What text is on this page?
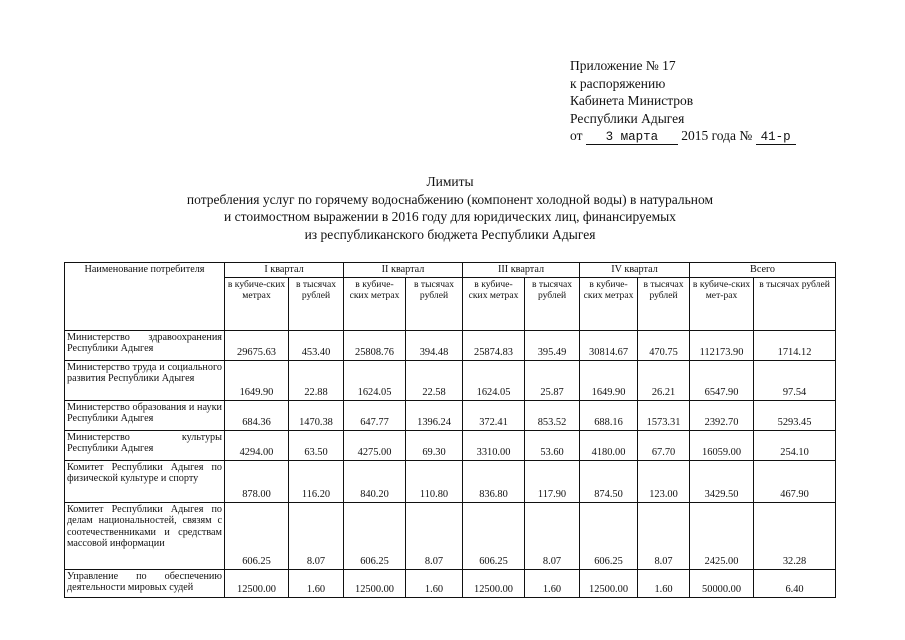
Приложение № 17
к распоряжению
Кабинета Министров
Республики Адыгея
от 3 марта 2015 года № 41-р
Лимиты
потребления услуг по горячему водоснабжению (компонент холодной воды) в натуральном
и стоимостном выражении в 2016 году для юридических лиц, финансируемых
из республиканского бюджета Республики Адыгея
Наименование потребителя	I квартал		II квартал		III квартал		IV квартал		Всего	
	в кубиче-ских метрах	в тысячах рублей	в кубиче-ских метрах	в тысячах рублей	в кубиче-ских метрах	в тысячах рублей	в кубиче-ских метрах	в тысячах рублей	в кубиче-ских мет-рах	в тысячах рублей
Министерство здравоохранения Республики Адыгея	29675.63	453.40	25808.76	394.48	25874.83	395.49	30814.67	470.75	112173.90	1714.12
Министерство труда и социального развития Республики Адыгея	1649.90	22.88	1624.05	22.58	1624.05	25.87	1649.90	26.21	6547.90	97.54
Министерство образования и науки Республики Адыгея	684.36	1470.38	647.77	1396.24	372.41	853.52	688.16	1573.31	2392.70	5293.45
Министерство культуры Республики Адыгея	4294.00	63.50	4275.00	69.30	3310.00	53.60	4180.00	67.70	16059.00	254.10
Комитет Республики Адыгея по физической культуре и спорту	878.00	116.20	840.20	110.80	836.80	117.90	874.50	123.00	3429.50	467.90
Комитет Республики Адыгея по делам национальностей, связям с соотечественниками и средствам массовой информации	606.25	8.07	606.25	8.07	606.25	8.07	606.25	8.07	2425.00	32.28
Управление по обеспечению деятельности мировых судей	12500.00	1.60	12500.00	1.60	12500.00	1.60	12500.00	1.60	50000.00	6.40
